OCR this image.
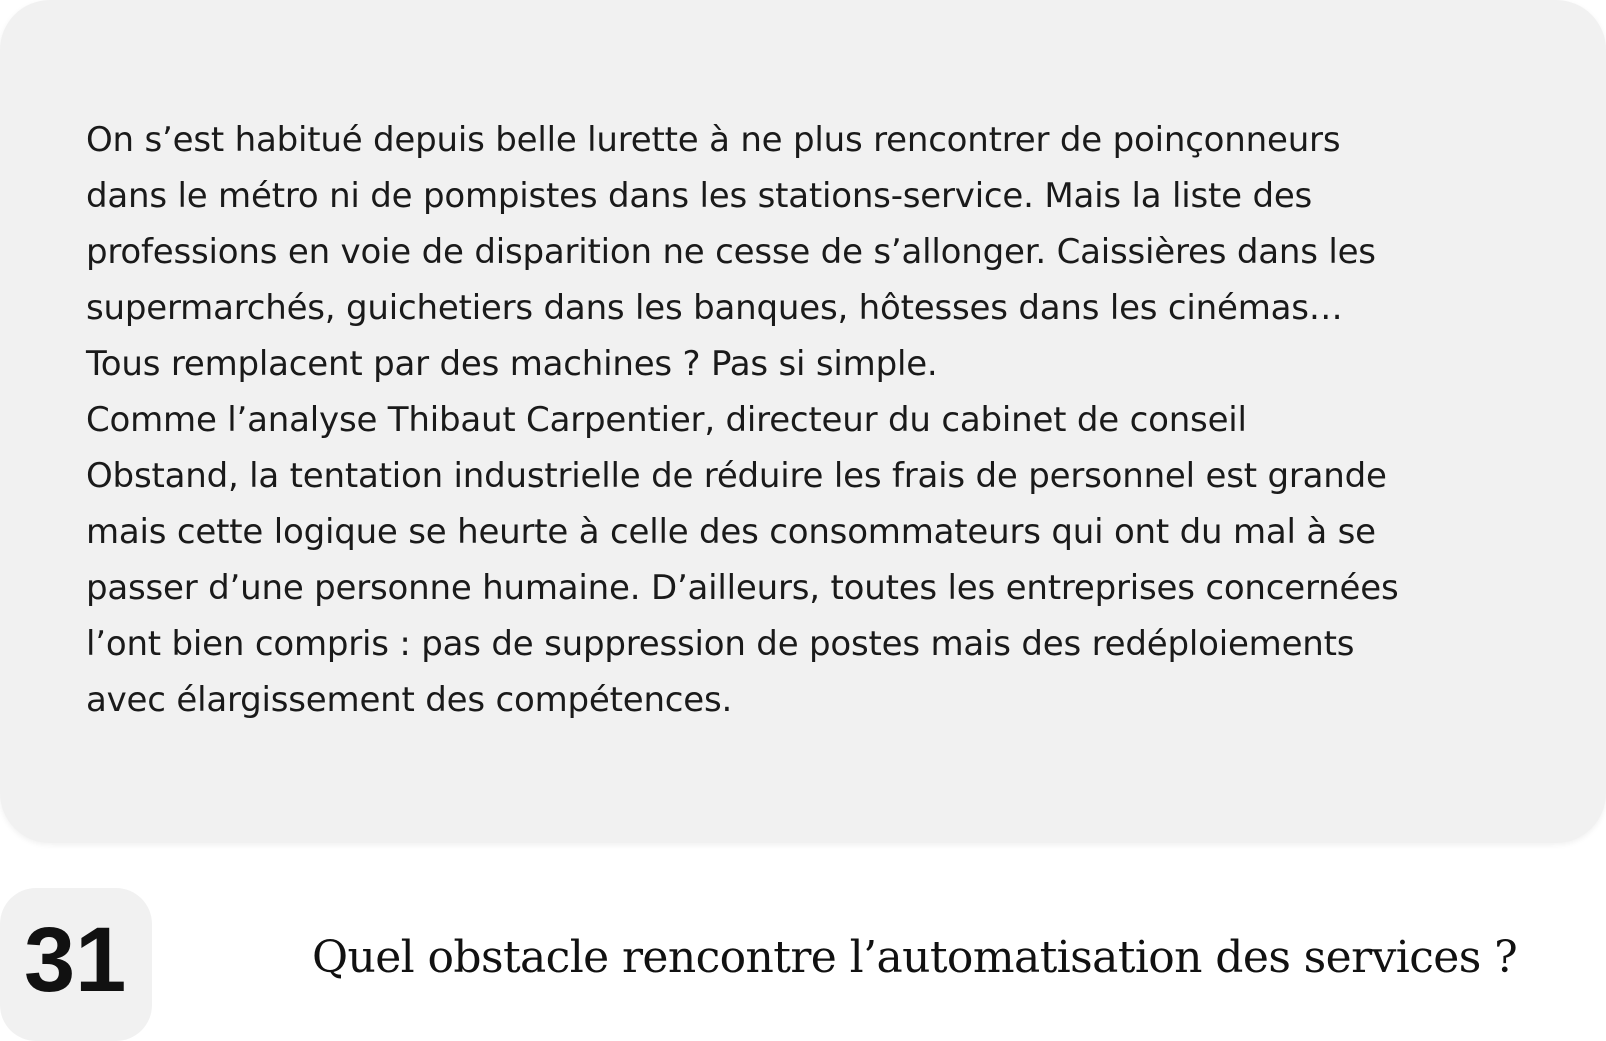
On s’est habitué depuis belle lurette à ne plus rencontrer de poinçonneurs
dans le métro ni de pompistes dans les stations-service. Mais la liste des
professions en voie de disparition ne cesse de s’allonger. Caissières dans les
supermarchés, guichetiers dans les banques, hôtesses dans les cinémas…
Tous remplacent par des machines ? Pas si simple.
Comme l’analyse Thibaut Carpentier, directeur du cabinet de conseil
Obstand, la tentation industrielle de réduire les frais de personnel est grande
mais cette logique se heurte à celle des consommateurs qui ont du mal à se
passer d’une personne humaine. D’ailleurs, toutes les entreprises concernées
l’ont bien compris : pas de suppression de postes mais des redéploiements
avec élargissement des compétences.
31	Quel obstacle rencontre l’automatisation des services ?
